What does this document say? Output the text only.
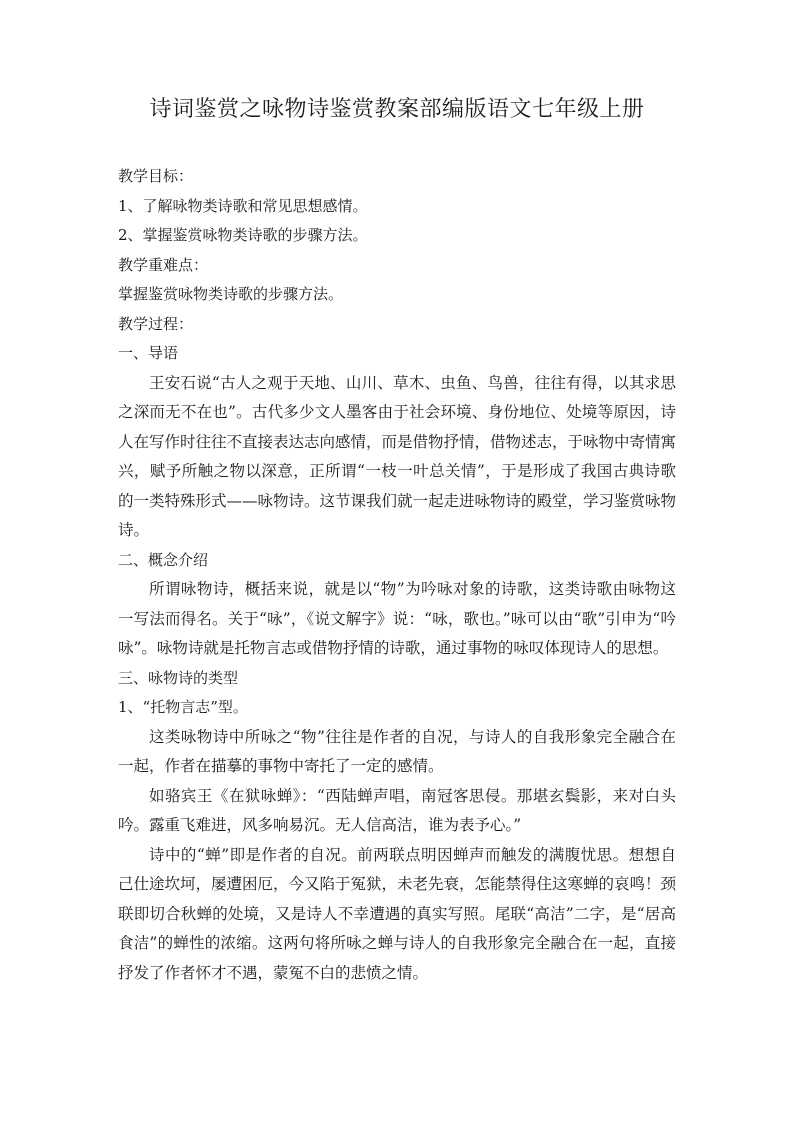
诗词鉴赏之咏物诗鉴赏教案部编版语文七年级上册

教学目标：

1、了解咏物类诗歌和常见思想感情。

2、掌握鉴赏咏物类诗歌的步骤方法。

教学重难点：

掌握鉴赏咏物类诗歌的步骤方法。

教学过程：

一、导语

王安石说“古人之观于天地、山川、草木、虫鱼、鸟兽，往往有得，以其求思之深而无不在也”。古代多少文人墨客由于社会环境、身份地位、处境等原因，诗人在写作时往往不直接表达志向感情，而是借物抒情，借物述志，于咏物中寄情寓兴，赋予所触之物以深意，正所谓“一枝一叶总关情”，于是形成了我国古典诗歌的一类特殊形式——咏物诗。这节课我们就一起走进咏物诗的殿堂，学习鉴赏咏物诗。

二、概念介绍

所谓咏物诗，概括来说，就是以“物”为吟咏对象的诗歌，这类诗歌由咏物这一写法而得名。关于“咏”，《说文解字》说：“咏，歌也。”咏可以由“歌”引申为“吟咏”。咏物诗就是托物言志或借物抒情的诗歌，通过事物的咏叹体现诗人的思想。

三、咏物诗的类型

1、“托物言志”型。

这类咏物诗中所咏之“物”往往是作者的自况，与诗人的自我形象完全融合在一起，作者在描摹的事物中寄托了一定的感情。

如骆宾王《在狱咏蝉》：“西陆蝉声唱，南冠客思侵。那堪玄鬓影，来对白头吟。露重飞难进，风多响易沉。无人信高洁，谁为表予心。”

诗中的“蝉”即是作者的自况。前两联点明因蝉声而触发的满腹忧思。想想自己仕途坎坷，屡遭困厄，今又陷于冤狱，未老先衰，怎能禁得住这寒蝉的哀鸣！颈联即切合秋蝉的处境，又是诗人不幸遭遇的真实写照。尾联“高洁”二字，是“居高食洁”的蝉性的浓缩。这两句将所咏之蝉与诗人的自我形象完全融合在一起，直接抒发了作者怀才不遇，蒙冤不白的悲愤之情。
